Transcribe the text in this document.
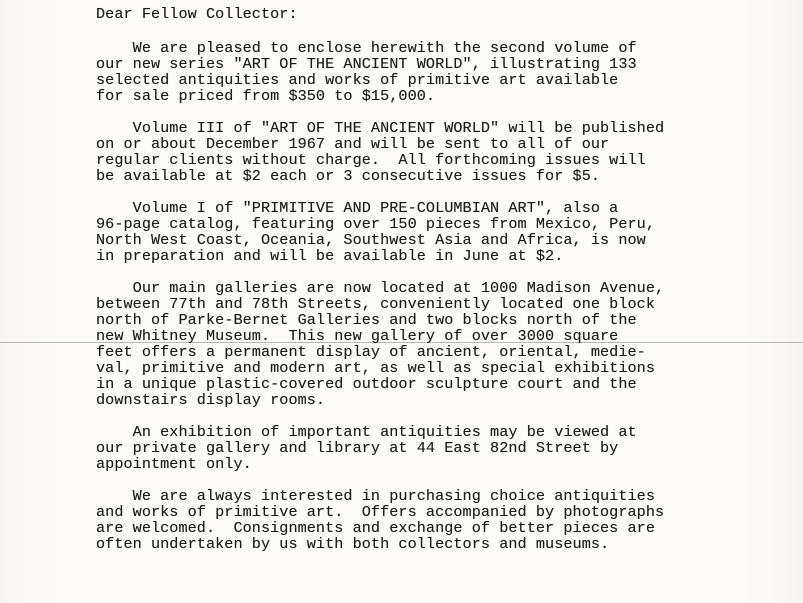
Dear Fellow Collector:
We are pleased to enclose herewith the second volume of
our new series "ART OF THE ANCIENT WORLD", illustrating 133
selected antiquities and works of primitive art available
for sale priced from $350 to $15,000.
Volume III of "ART OF THE ANCIENT WORLD" will be published
on or about December 1967 and will be sent to all of our
regular clients without charge.  All forthcoming issues will
be available at $2 each or 3 consecutive issues for $5.
Volume I of "PRIMITIVE AND PRE-COLUMBIAN ART", also a
96-page catalog, featuring over 150 pieces from Mexico, Peru,
North West Coast, Oceania, Southwest Asia and Africa, is now
in preparation and will be available in June at $2.
Our main galleries are now located at 1000 Madison Avenue,
between 77th and 78th Streets, conveniently located one block
north of Parke-Bernet Galleries and two blocks north of the
new Whitney Museum.  This new gallery of over 3000 square
feet offers a permanent display of ancient, oriental, medie-
val, primitive and modern art, as well as special exhibitions
in a unique plastic-covered outdoor sculpture court and the
downstairs display rooms.
An exhibition of important antiquities may be viewed at
our private gallery and library at 44 East 82nd Street by
appointment only.
We are always interested in purchasing choice antiquities
and works of primitive art.  Offers accompanied by photographs
are welcomed.  Consignments and exchange of better pieces are
often undertaken by us with both collectors and museums.
